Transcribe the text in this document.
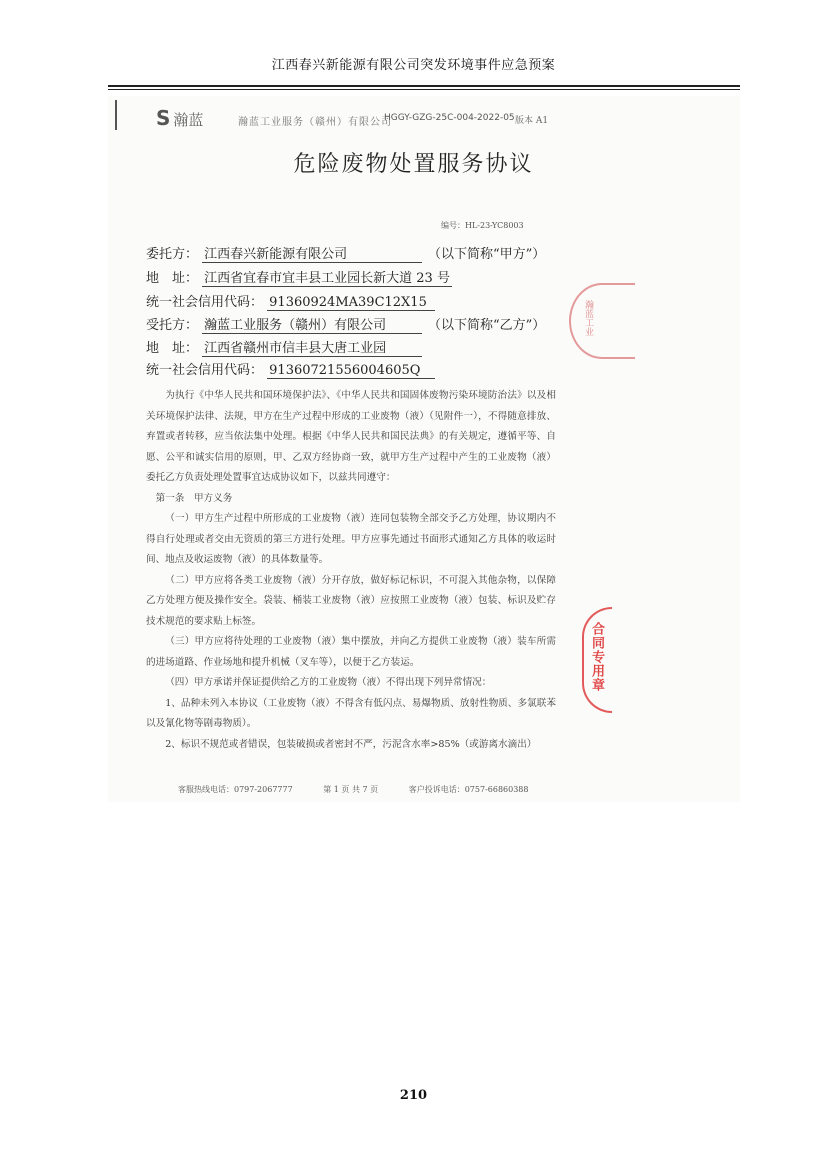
江西春兴新能源有限公司突发环境事件应急预案
S 瀚蓝	瀚蓝工业服务（赣州）有限公司
HGGY-GZG-25C-004-2022-05 版本 A1
危险废物处置服务协议
编号：HL-23-YC8003
委托方： 江西春兴新能源有限公司	（以下简称“甲方”）
地　址： 江西省宜春市宜丰县工业园长新大道 23 号
统一社会信用代码： 91360924MA39C12X15
受托方： 瀚蓝工业服务（赣州）有限公司	（以下简称“乙方”）
地　址： 江西省赣州市信丰县大唐工业园
统一社会信用代码： 91360721556004605Q
瀚蓝工业

为执行《中华人民共和国环境保护法》、《中华人民共和国固体废物污染环境防治法》以及相关环境保护法律、法规，甲方在生产过程中形成的工业废物（液）（见附件一），不得随意排放、弃置或者转移，应当依法集中处理。根据《中华人民共和国民法典》的有关规定，遵循平等、自愿、公平和诚实信用的原则，甲、乙双方经协商一致，就甲方生产过程中产生的工业废物（液）委托乙方负责处理处置事宜达成协议如下，以兹共同遵守：

第一条　甲方义务

（一）甲方生产过程中所形成的工业废物（液）连同包装物全部交予乙方处理，协议期内不得自行处理或者交由无资质的第三方进行处理。甲方应事先通过书面形式通知乙方具体的收运时间、地点及收运废物（液）的具体数量等。

（二）甲方应将各类工业废物（液）分开存放，做好标记标识，不可混入其他杂物，以保障乙方处理方便及操作安全。袋装、桶装工业废物（液）应按照工业废物（液）包装、标识及贮存技术规范的要求贴上标签。

（三）甲方应将待处理的工业废物（液）集中摆放，并向乙方提供工业废物（液）装车所需的进场道路、作业场地和提升机械（叉车等），以便于乙方装运。

（四）甲方承诺并保证提供给乙方的工业废物（液）不得出现下列异常情况：

1、品种未列入本协议（工业废物（液）不得含有低闪点、易爆物质、放射性物质、多氯联苯以及氰化物等剧毒物质）。

2、标识不规范或者错误，包装破损或者密封不严，污泥含水率>85%（或游离水滴出）

合同专用章
客服热线电话：0797-2067777	第 1 页 共 7 页	客户投诉电话：0757-66860388
210
